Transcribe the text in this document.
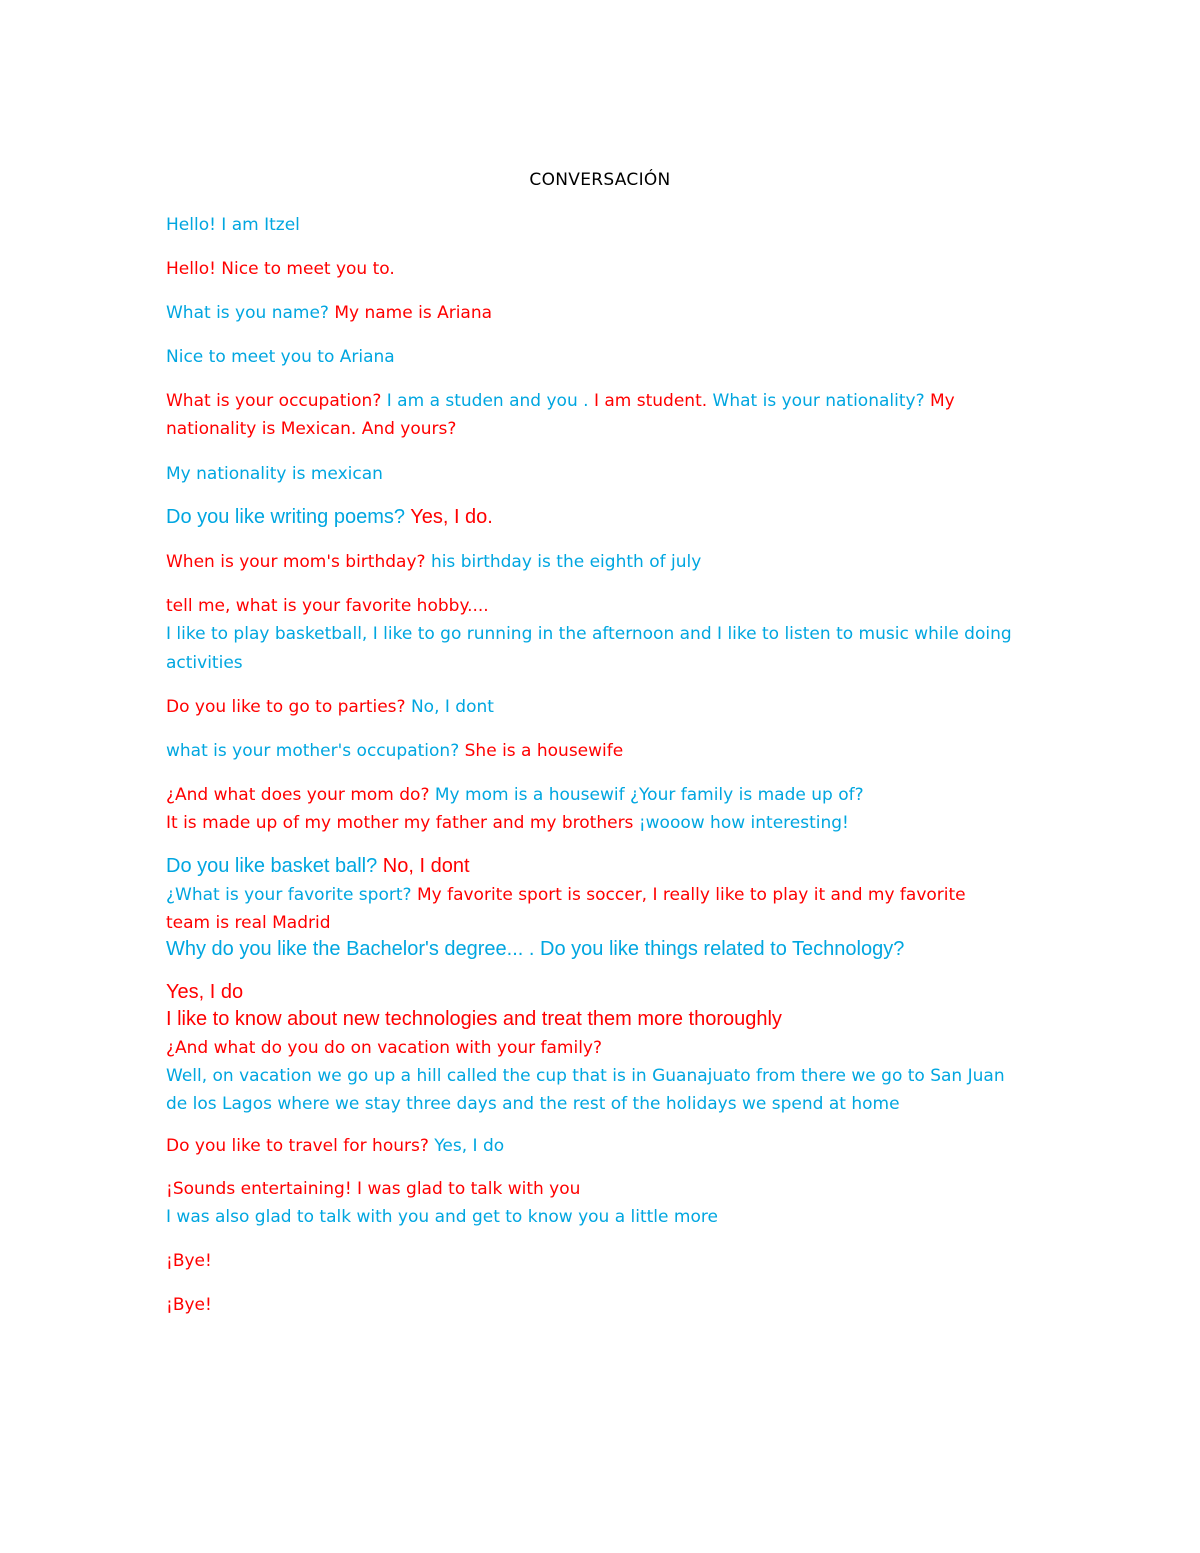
CONVERSACIÓN
Hello! I am Itzel
Hello! Nice to meet you to.
What is you name? My name is Ariana
Nice to meet you to Ariana
What is your occupation? I am a studen and you . I am student. What is your nationality? My
nationality is Mexican. And yours?
My nationality is mexican
Do you like writing poems? Yes, I do.
When is your mom's birthday? his birthday is the eighth of july
tell me, what is your favorite hobby....
I like to play basketball, I like to go running in the afternoon and I like to listen to music while doing
activities
Do you like to go to parties? No, I dont
what is your mother's occupation? She is a housewife
¿And what does your mom do? My mom is a housewif ¿Your family is made up of?
It is made up of my mother my father and my brothers ¡wooow how interesting!
Do you like basket ball? No, I dont
¿What is your favorite sport? My favorite sport is soccer, I really like to play it and my favorite
team is real Madrid
Why do you like the Bachelor's degree... . Do you like things related to Technology?
Yes, I do
I like to know about new technologies and treat them more thoroughly
¿And what do you do on vacation with your family?
Well, on vacation we go up a hill called the cup that is in Guanajuato from there we go to San Juan
de los Lagos where we stay three days and the rest of the holidays we spend at home
Do you like to travel for hours? Yes, I do
¡Sounds entertaining! I was glad to talk with you
I was also glad to talk with you and get to know you a little more
¡Bye!
¡Bye!
